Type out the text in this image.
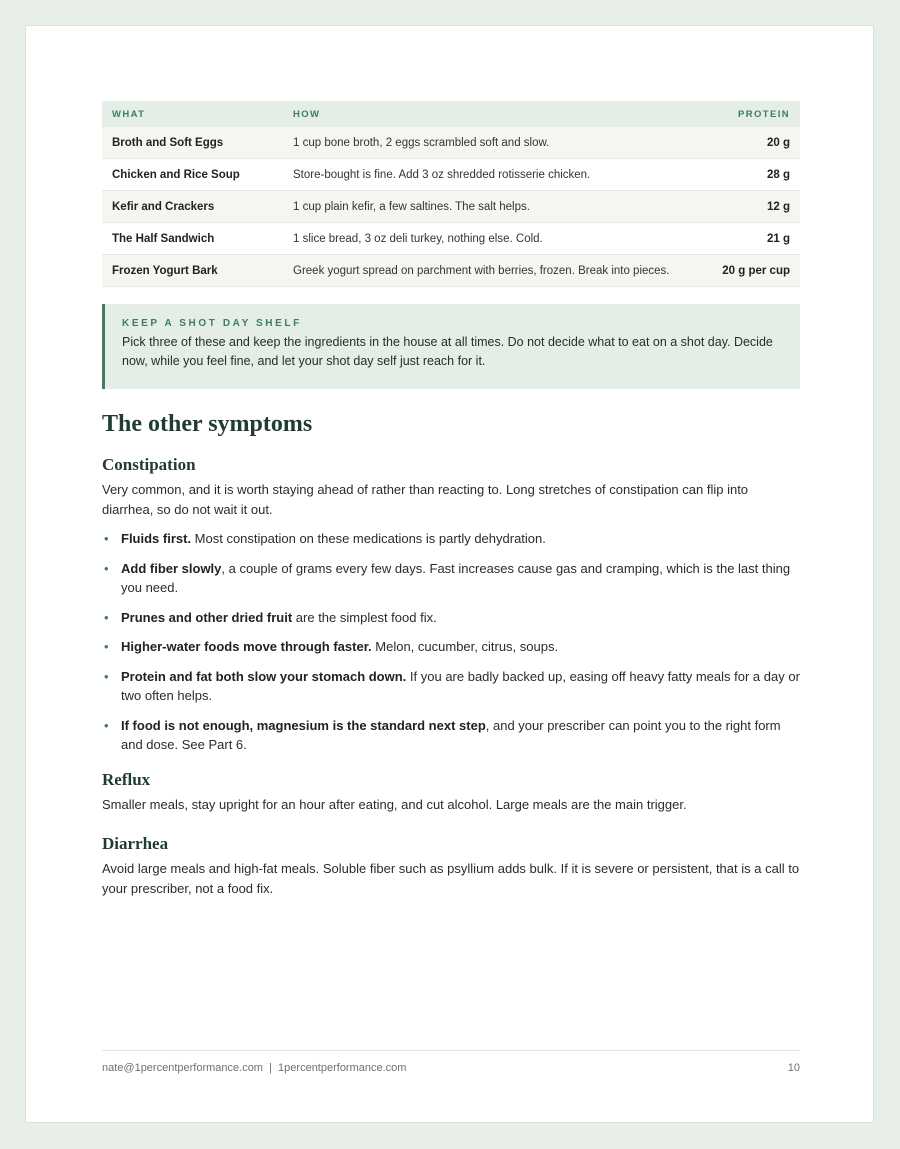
WHAT	HOW	PROTEIN
Broth and Soft Eggs	1 cup bone broth, 2 eggs scrambled soft and slow.	20 g
Chicken and Rice Soup	Store-bought is fine. Add 3 oz shredded rotisserie chicken.	28 g
Kefir and Crackers	1 cup plain kefir, a few saltines. The salt helps.	12 g
The Half Sandwich	1 slice bread, 3 oz deli turkey, nothing else. Cold.	21 g
Frozen Yogurt Bark	Greek yogurt spread on parchment with berries, frozen. Break into pieces.	20 g per cup
KEEP A SHOT DAY SHELF
Pick three of these and keep the ingredients in the house at all times. Do not decide what to eat on a shot day. Decide now, while you feel fine, and let your shot day self just reach for it.
The other symptoms
Constipation

Very common, and it is worth staying ahead of rather than reacting to. Long stretches of constipation can flip into diarrhea, so do not wait it out.

• Fluids first. Most constipation on these medications is partly dehydration.
• Add fiber slowly, a couple of grams every few days. Fast increases cause gas and cramping, which is the last thing you need.
• Prunes and other dried fruit are the simplest food fix.
• Higher-water foods move through faster. Melon, cucumber, citrus, soups.
• Protein and fat both slow your stomach down. If you are badly backed up, easing off heavy fatty meals for a day or two often helps.
• If food is not enough, magnesium is the standard next step, and your prescriber can point you to the right form and dose. See Part 6.
Reflux

Smaller meals, stay upright for an hour after eating, and cut alcohol. Large meals are the main trigger.

Diarrhea

Avoid large meals and high-fat meals. Soluble fiber such as psyllium adds bulk. If it is severe or persistent, that is a call to your prescriber, not a food fix.

nate@1percentperformance.com  |  1percentperformance.com	10
